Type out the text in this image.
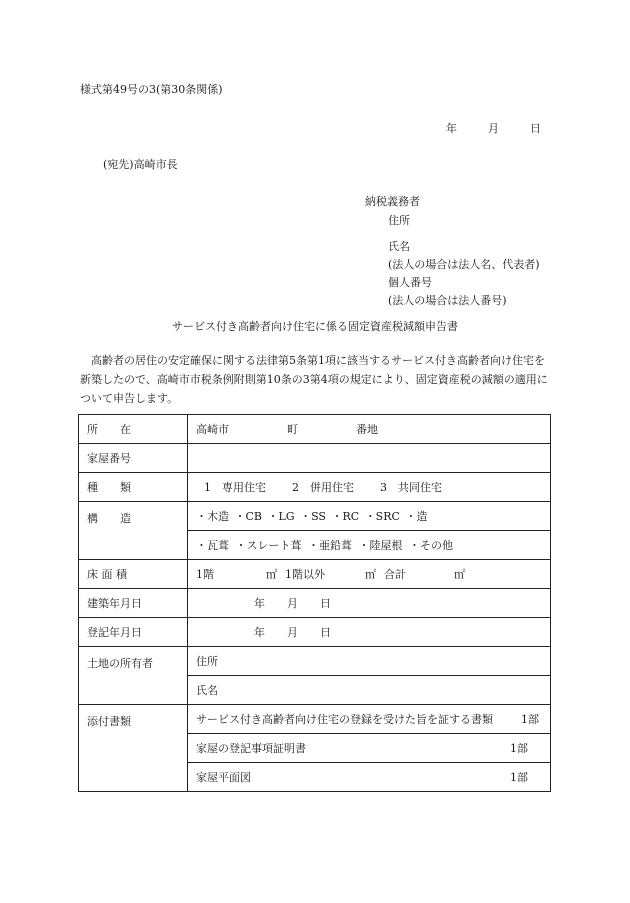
様式第49号の3(第30条関係)
年	月	日
(宛先)高崎市長
納税義務者
住所
氏名
(法人の場合は法人名、代表者)
個人番号
(法人の場合は法人番号)
サービス付き高齢者向け住宅に係る固定資産税減額申告書

高齢者の居住の安定確保に関する法律第5条第1項に該当するサービス付き高齢者向け住宅を新築したので、高崎市市税条例附則第10条の3第4項の規定により、固定資産税の減額の適用について申告します。

所　　在	高崎市 町 番地
家屋番号	
種　　類	1　専用住宅 2　併用住宅 3　共同住宅
構　　造	・木造 ・CB ・LG ・SS ・RC ・SRC ・造
	・瓦葺 ・スレート葺 ・亜鉛葺 ・陸屋根 ・その他
床 面 積	1階 ㎡ 1階以外 ㎡ 合計 ㎡
建築年月日	年 月 日
登記年月日	年 月 日
土地の所有者	住所
	氏名
添付書類	サービス付き高齢者向け住宅の登録を受けた旨を証する書類 1部

	家屋の登記事項証明書 1部

	家屋平面図 1部
